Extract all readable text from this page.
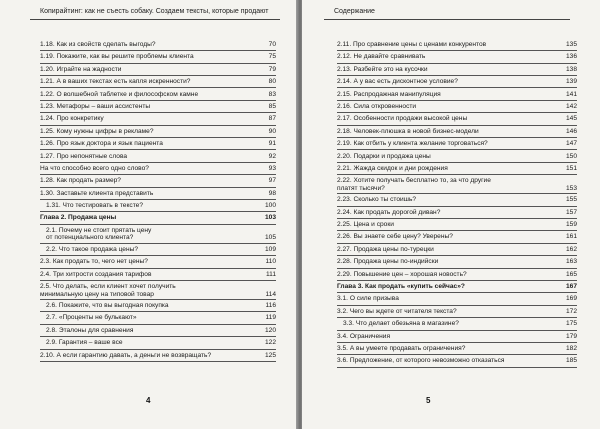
Копирайтинг: как не съесть собаку. Создаем тексты, которые продают
1.18. Как из свойств сделать выгоды?	70
1.19. Покажите, как вы решите проблемы клиента	75
1.20. Играйте на жадности	79
1.21. А в ваших текстах есть капля искренности?	80
1.22. О волшебной таблетке и философском камне	83
1.23. Метафоры – ваши ассистенты	85
1.24. Про конкретику	87
1.25. Кому нужны цифры в рекламе?	90
1.26. Про язык доктора и язык пациента	91
1.27. Про непонятные слова	92
На что способно всего одно слово?	93
1.28. Как продать размер?	97
1.30. Заставьте клиента представить	98
1.31. Что тестировать в тексте?	100
Глава 2. Продажа цены	103
2.1. Почему не стоит прятать цену
от потенциального клиента?	105
2.2. Что такое продажа цены?	109
2.3. Как продать то, чего нет цены?	110
2.4. Три хитрости создания тарифов	111
2.5. Что делать, если клиент хочет получить
минимальную цену на типовой товар	114
2.6. Покажите, что вы выгодная покупка	116
2.7. «Проценты не булькают»	119
2.8. Эталоны для сравнения	120
2.9. Гарантия – ваше все	122
2.10. А если гарантию давать, а деньги не возвращать?	125
4
Содержание
2.11. Про сравнение цены с ценами конкурентов	135
2.12. Не давайте сравнивать	136
2.13. Разбейте это на кусочки	138
2.14. А у вас есть дисконтное условие?	139
2.15. Распродажная манипуляция	141
2.16. Сила откровенности	142
2.17. Особенности продажи высокой цены	145
2.18. Человек-плюшка в новой бизнес-модели	146
2.19. Как отбить у клиента желание торговаться?	147
2.20. Подарки и продажа цены	150
2.21. Жажда скидок и дни рождения	151
2.22. Хотите получать бесплатно то, за что другие
платят тысячи?	153
2.23. Сколько ты стоишь?	155
2.24. Как продать дорогой диван?	157
2.25. Цена и сроки	159
2.26. Вы знаете себе цену? Уверены?	161
2.27. Продажа цены по-турецки	162
2.28. Продажа цены по-индийски	163
2.29. Повышение цен – хорошая новость?	165
Глава 3. Как продать «купить сейчас»?	167
3.1. О силе призыва	169
3.2. Чего вы ждете от читателя текста?	172
3.3. Что делает обезьяна в магазине?	175
3.4. Ограничения	179
3.5. А вы умеете продавать ограничения?	182
3.6. Предложение, от которого невозможно отказаться	185
5
